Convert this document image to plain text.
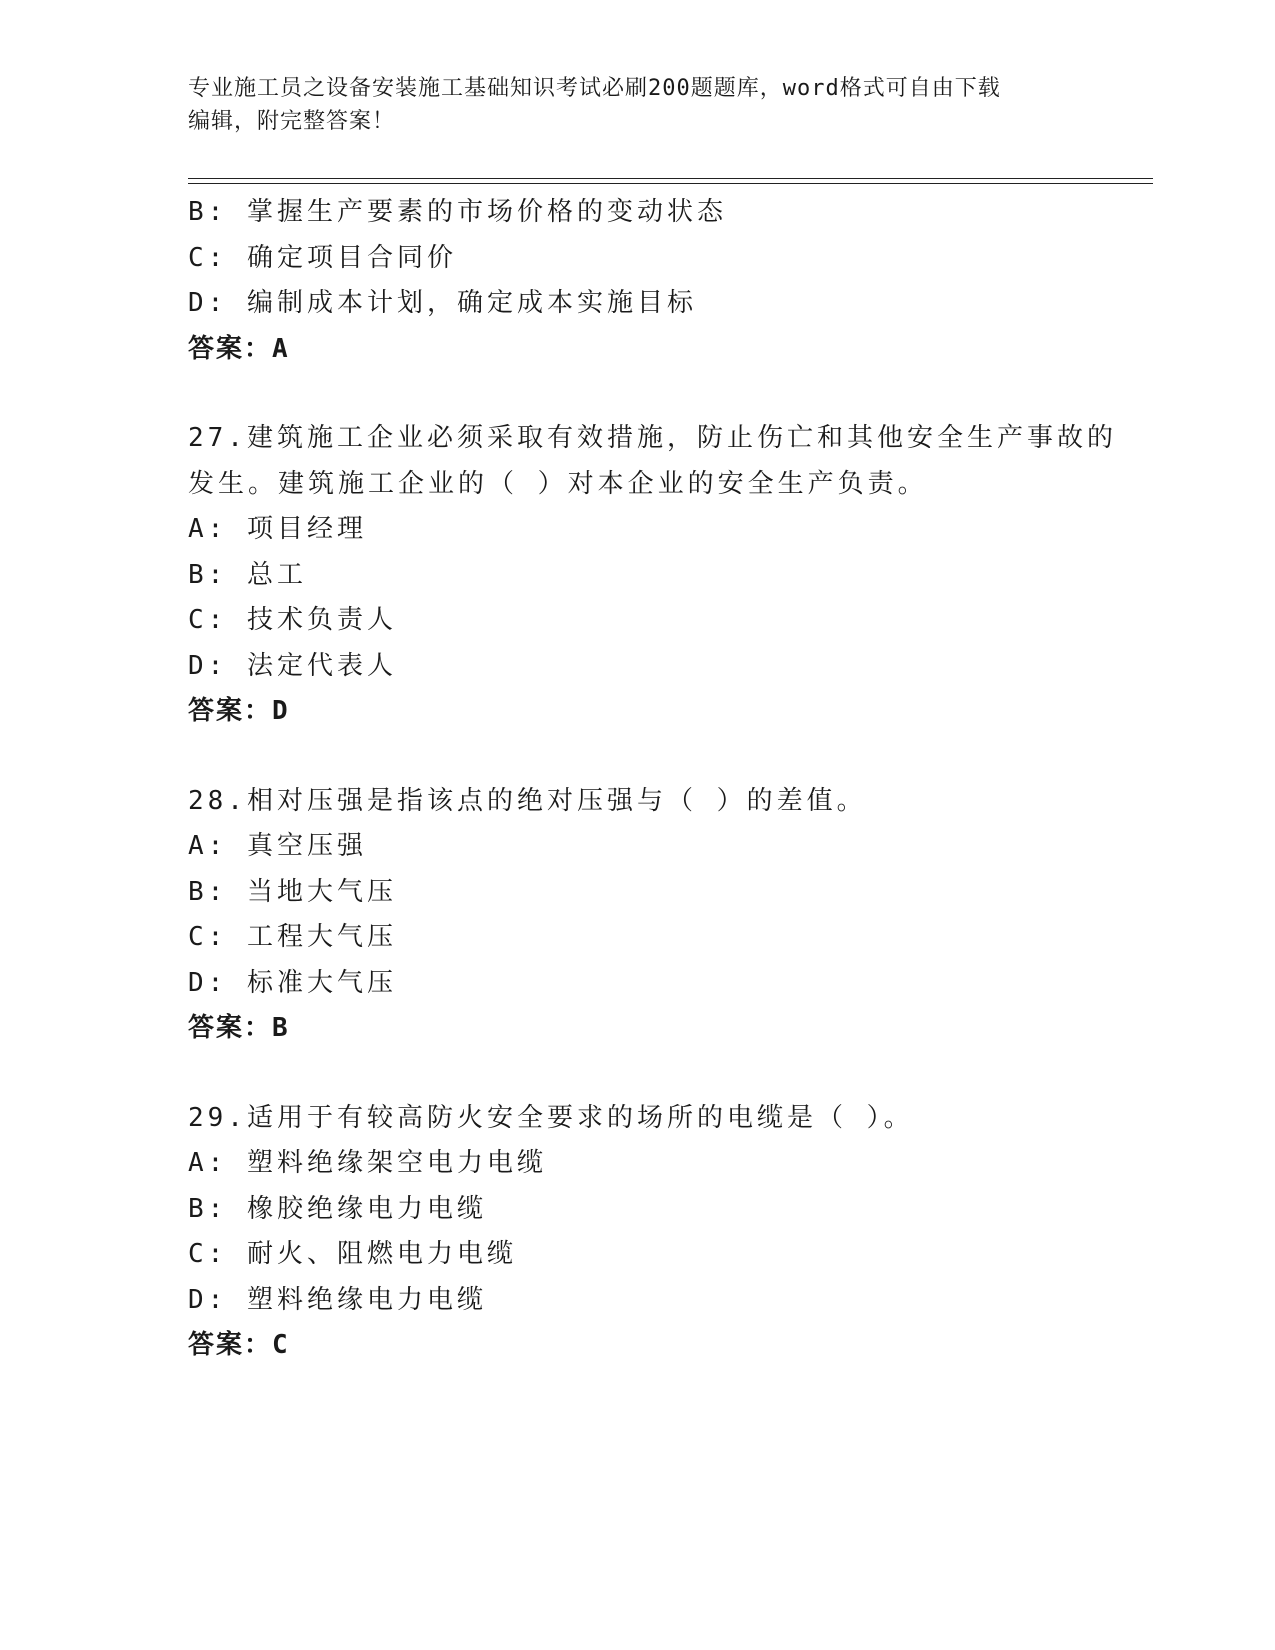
专业施工员之设备安装施工基础知识考试必刷200题题库，word格式可自由下载
编辑，附完整答案！
B: 掌握生产要素的市场价格的变动状态
C: 确定项目合同价
D: 编制成本计划，确定成本实施目标
答案：A
27.建筑施工企业必须采取有效措施，防止伤亡和其他安全生产事故的
发生。建筑施工企业的（ ）对本企业的安全生产负责。
A: 项目经理
B: 总工
C: 技术负责人
D: 法定代表人
答案：D
28.相对压强是指该点的绝对压强与（ ）的差值。
A: 真空压强
B: 当地大气压
C: 工程大气压
D: 标准大气压
答案：B
29.适用于有较高防火安全要求的场所的电缆是（ ）。
A: 塑料绝缘架空电力电缆
B: 橡胶绝缘电力电缆
C: 耐火、阻燃电力电缆
D: 塑料绝缘电力电缆
答案：C
